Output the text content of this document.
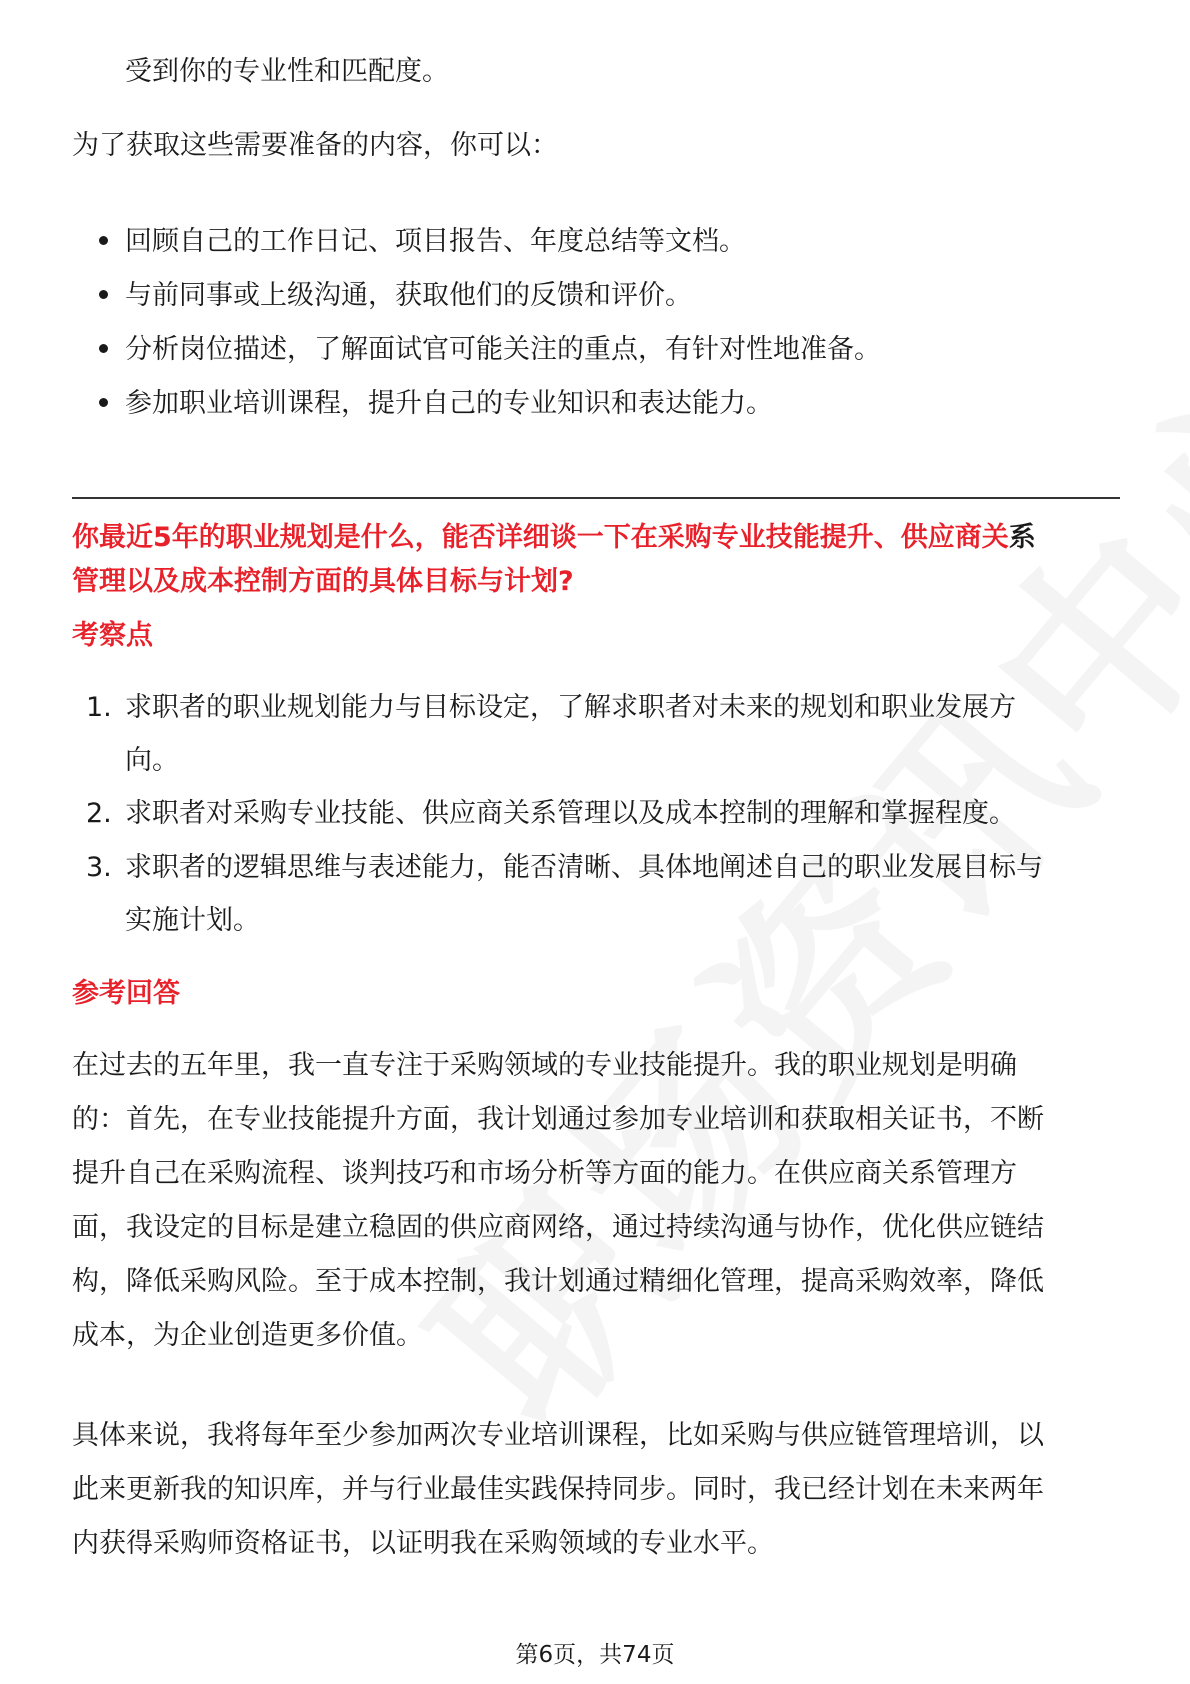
受到你的专业性和匹配度。
为了获取这些需要准备的内容，你可以：
回顾自己的工作日记、项目报告、年度总结等文档。
与前同事或上级沟通，获取他们的反馈和评价。
分析岗位描述，了解面试官可能关注的重点，有针对性地准备。
参加职业培训课程，提升自己的专业知识和表达能力。
你最近5年的职业规划是什么，能否详细谈一下在采购专业技能提升、供应商关系
管理以及成本控制方面的具体目标与计划?
考察点
1. 求职者的职业规划能力与目标设定，了解求职者对未来的规划和职业发展方
向。
2. 求职者对采购专业技能、供应商关系管理以及成本控制的理解和掌握程度。
3. 求职者的逻辑思维与表述能力，能否清晰、具体地阐述自己的职业发展目标与
实施计划。
参考回答
在过去的五年里，我一直专注于采购领域的专业技能提升。我的职业规划是明确
的：首先，在专业技能提升方面，我计划通过参加专业培训和获取相关证书，不断
提升自己在采购流程、谈判技巧和市场分析等方面的能力。在供应商关系管理方
面，我设定的目标是建立稳固的供应商网络，通过持续沟通与协作，优化供应链结
构，降低采购风险。至于成本控制，我计划通过精细化管理，提高采购效率，降低
成本，为企业创造更多价值。
具体来说，我将每年至少参加两次专业培训课程，比如采购与供应链管理培训，以
此来更新我的知识库，并与行业最佳实践保持同步。同时，我已经计划在未来两年
内获得采购师资格证书，以证明我在采购领域的专业水平。
第6页，共74页
